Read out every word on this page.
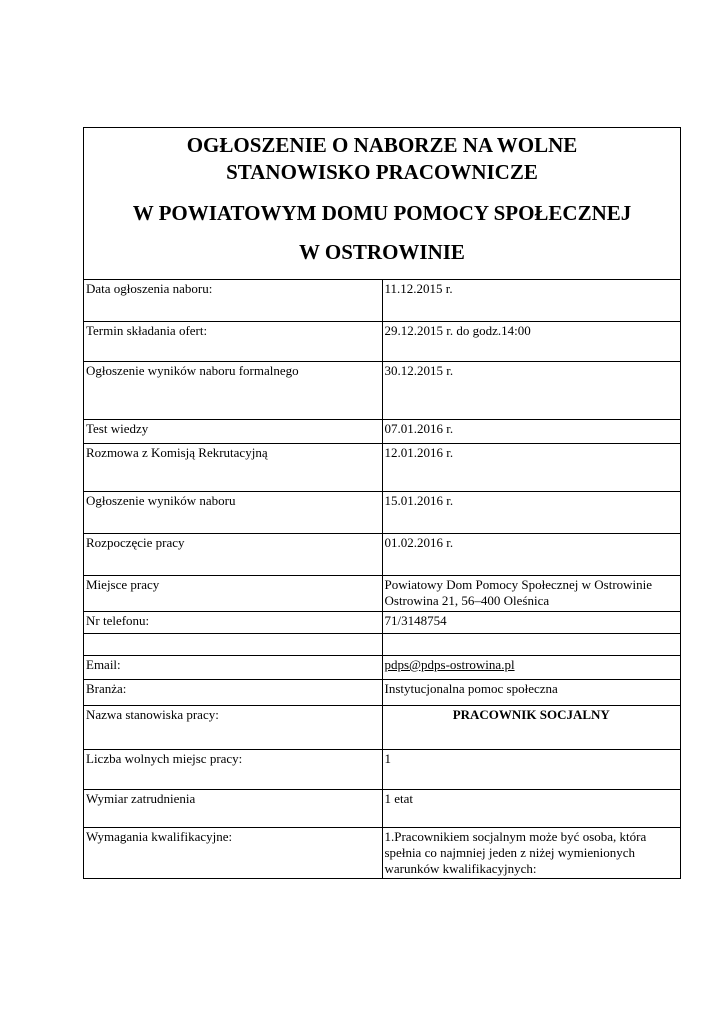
OGŁOSZENIE O NABORZE NA WOLNE
STANOWISKO PRACOWNICZE
W POWIATOWYM DOMU POMOCY SPOŁECZNEJ
W OSTROWINIE	

Data ogłoszenia naboru:	11.12.2015 r.
Termin składania ofert:	29.12.2015 r. do godz.14:00
Ogłoszenie wyników naboru formalnego	30.12.2015 r.
Test wiedzy	07.01.2016 r.
Rozmowa z Komisją Rekrutacyjną	12.01.2016 r.
Ogłoszenie wyników naboru	15.01.2016 r.
Rozpoczęcie pracy	01.02.2016 r.
Miejsce pracy	Powiatowy Dom Pomocy Społecznej w Ostrowinie
Ostrowina 21, 56–400 Oleśnica

Nr telefonu:	71/3148754

Email:	pdps@pdps-ostrowina.pl
Branża:	Instytucjonalna pomoc społeczna
Nazwa stanowiska pracy:	PRACOWNIK SOCJALNY
Liczba wolnych miejsc pracy:	1
Wymiar zatrudnienia	1 etat
Wymagania kwalifikacyjne:	1.Pracownikiem socjalnym może być osoba, która spełnia co najmniej jeden z niżej wymienionych warunków kwalifikacyjnych:
